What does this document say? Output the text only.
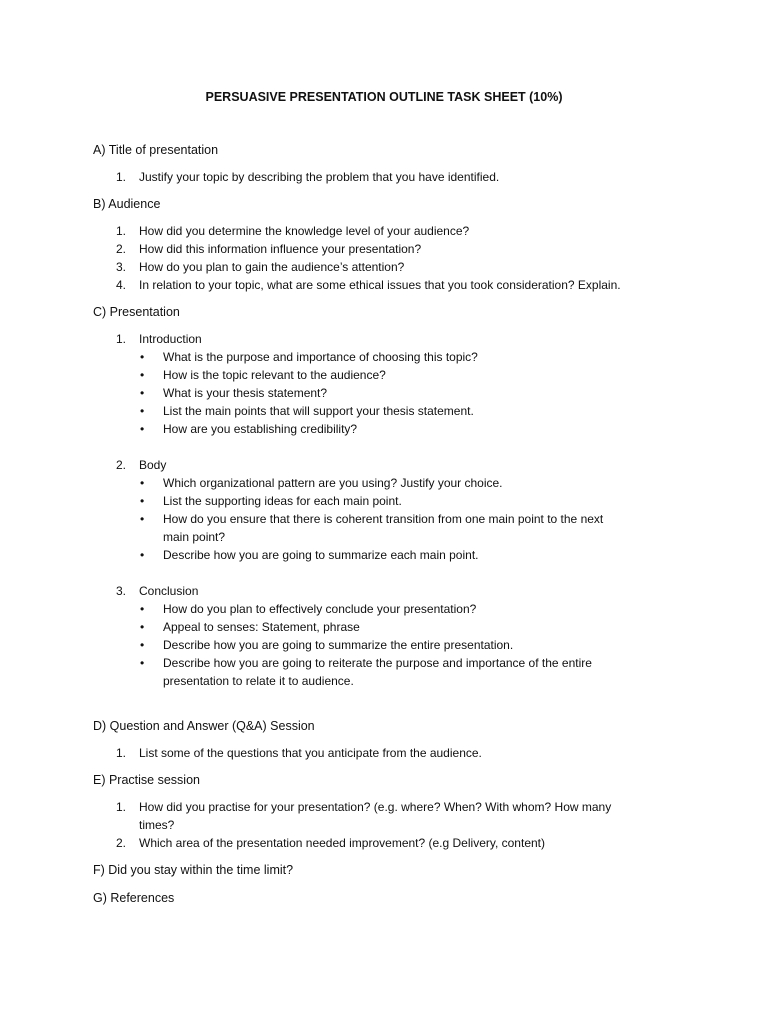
PERSUASIVE PRESENTATION OUTLINE TASK SHEET (10%)
A) Title of presentation
1.	Justify your topic by describing the problem that you have identified.
B) Audience
1.	How did you determine the knowledge level of your audience?
2.	How did this information influence your presentation?
3.	How do you plan to gain the audience’s attention?
4.	In relation to your topic, what are some ethical issues that you took consideration? Explain.
C) Presentation
1.	Introduction
• What is the purpose and importance of choosing this topic?
• How is the topic relevant to the audience?
• What is your thesis statement?
• List the main points that will support your thesis statement.
• How are you establishing credibility?
2.	Body
• Which organizational pattern are you using? Justify your choice.
• List the supporting ideas for each main point.
• How do you ensure that there is coherent transition from one main point to the next
main point?
• Describe how you are going to summarize each main point.
3.	Conclusion
• How do you plan to effectively conclude your presentation?
• Appeal to senses: Statement, phrase
• Describe how you are going to summarize the entire presentation.
• Describe how you are going to reiterate the purpose and importance of the entire
presentation to relate it to audience.
D) Question and Answer (Q&A) Session
1.	List some of the questions that you anticipate from the audience.
E) Practise session
1.	How did you practise for your presentation? (e.g. where? When? With whom? How many
times?
2.	Which area of the presentation needed improvement? (e.g Delivery, content)
F) Did you stay within the time limit?
G) References
